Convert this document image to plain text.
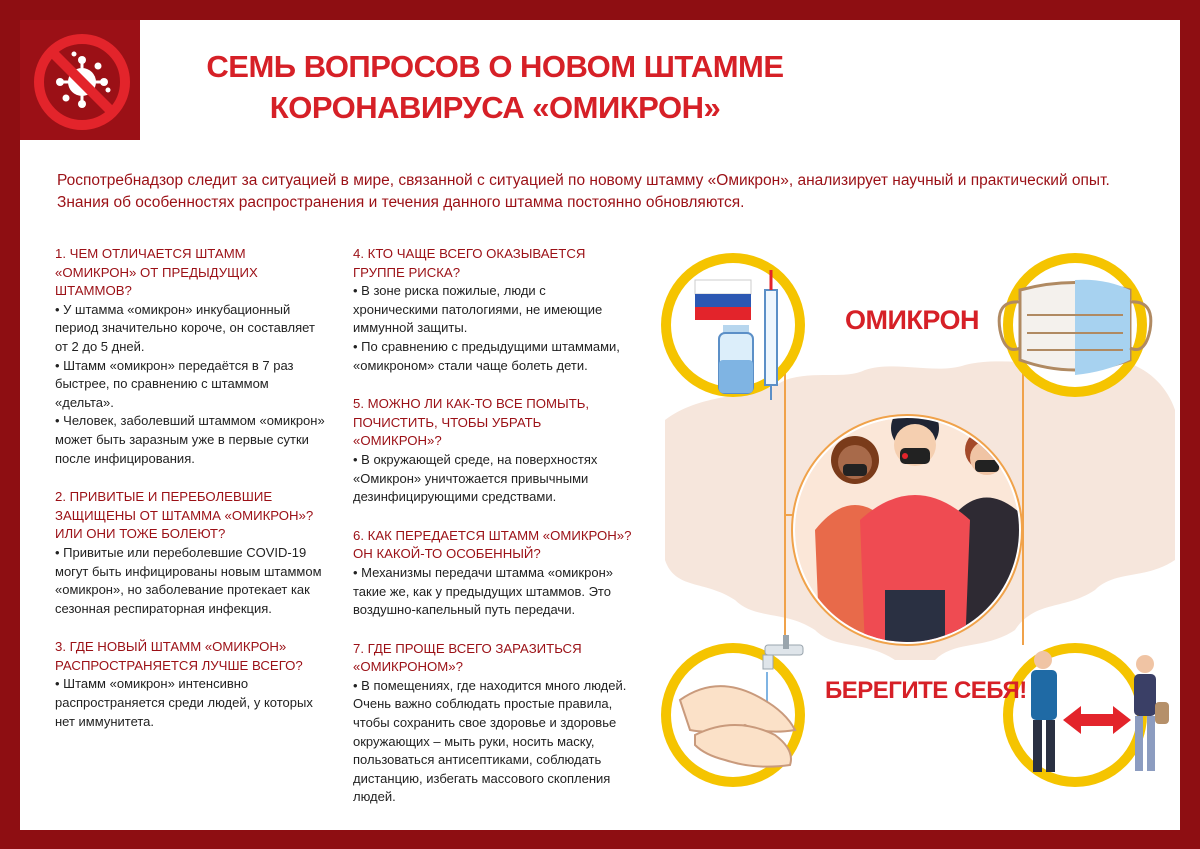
СЕМЬ ВОПРОСОВ О НОВОМ ШТАММЕ
КОРОНАВИРУСА «ОМИКРОН»
Роспотребнадзор следит за ситуацией в мире, связанной с ситуацией по новому штамму «Омикрон», анализирует научный и практический опыт.
Знания об особенностях распространения и течения данного штамма постоянно обновляются.
1. ЧЕМ ОТЛИЧАЕТСЯ ШТАММ «ОМИКРОН» ОТ ПРЕДЫДУЩИХ ШТАММОВ?
• У штамма «омикрон» инкубационный период значительно короче, он составляет от 2 до 5 дней.
• Штамм «омикрон» передаётся в 7 раз быстрее, по сравнению с штаммом «дельта».
• Человек, заболевший штаммом «омикрон» может быть заразным уже в первые сутки после инфицирования.
2. ПРИВИТЫЕ И ПЕРЕБОЛЕВШИЕ ЗАЩИЩЕНЫ ОТ ШТАММА «ОМИКРОН»? ИЛИ ОНИ ТОЖЕ БОЛЕЮТ?
• Привитые или переболевшие COVID-19 могут быть инфицированы новым штаммом «омикрон», но заболевание протекает как сезонная респираторная инфекция.
3. ГДЕ НОВЫЙ ШТАММ «ОМИКРОН» РАСПРОСТРАНЯЕТСЯ ЛУЧШЕ ВСЕГО?
• Штамм «омикрон» интенсивно распространяется среди людей, у которых нет иммунитета.
4. КТО ЧАЩЕ ВСЕГО ОКАЗЫВАЕТСЯ ГРУППЕ РИСКА?
• В зоне риска пожилые, люди с хроническими патологиями, не имеющие иммунной защиты.
• По сравнению с предыдущими штаммами, «омикроном» стали чаще болеть дети.
5. МОЖНО ЛИ КАК-ТО ВСЕ ПОМЫТЬ, ПОЧИСТИТЬ, ЧТОБЫ УБРАТЬ «ОМИКРОН»?
• В окружающей среде, на поверхностях «Омикрон» уничтожается привычными дезинфицирующими средствами.
6. КАК ПЕРЕДАЕТСЯ ШТАММ «ОМИКРОН»? ОН КАКОЙ-ТО ОСОБЕННЫЙ?
• Механизмы передачи штамма «омикрон» такие же, как у предыдущих штаммов. Это воздушно-капельный путь передачи.
7. ГДЕ ПРОЩЕ ВСЕГО ЗАРАЗИТЬСЯ «ОМИКРОНОМ»?
• В помещениях, где находится много людей. Очень важно соблюдать простые правила, чтобы сохранить свое здоровье и здоровье окружающих – мыть руки, носить маску, пользоваться антисептиками, соблюдать дистанцию, избегать массового скопления людей.
ОМИКРОН
БЕРЕГИТЕ СЕБЯ!
